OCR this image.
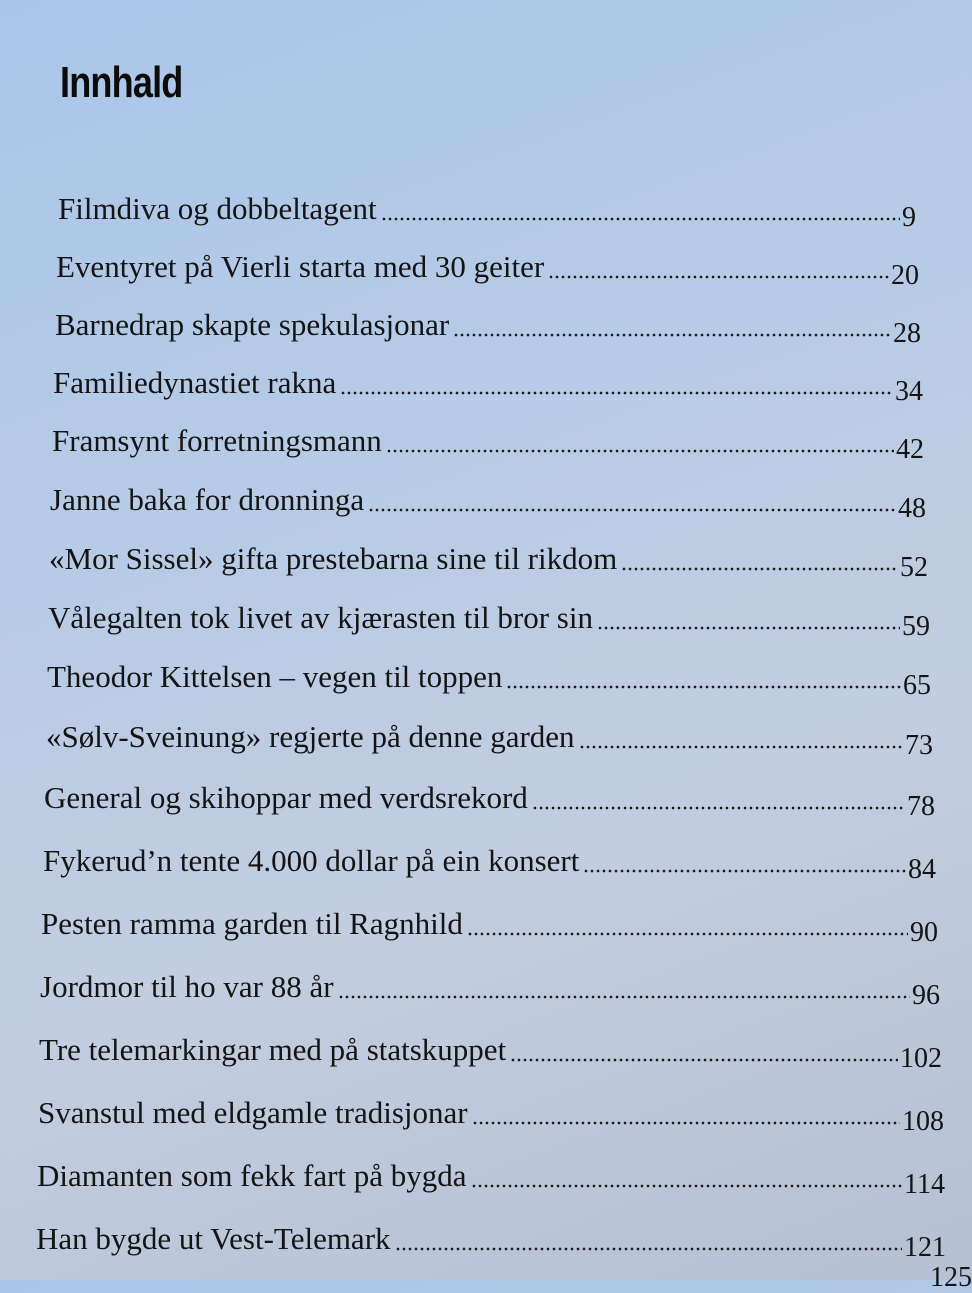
Innhald
Filmdiva og dobbeltagent	9
Eventyret på Vierli starta med 30 geiter	20
Barnedrap skapte spekulasjonar	28
Familiedynastiet rakna	34
Framsynt forretningsmann	42
Janne baka for dronninga	48
«Mor Sissel» gifta prestebarna sine til rikdom	52
Vålegalten tok livet av kjærasten til bror sin	59
Theodor Kittelsen – vegen til toppen	65
«Sølv-Sveinung» regjerte på denne garden	73
General og skihoppar med verdsrekord	78
Fykerud’n tente 4.000 dollar på ein konsert	84
Pesten ramma garden til Ragnhild	90
Jordmor til ho var 88 år	96
Tre telemarkingar med på statskuppet	102
Svanstul med eldgamle tradisjonar	108
Diamanten som fekk fart på bygda	114
Han bygde ut Vest-Telemark	121
125
